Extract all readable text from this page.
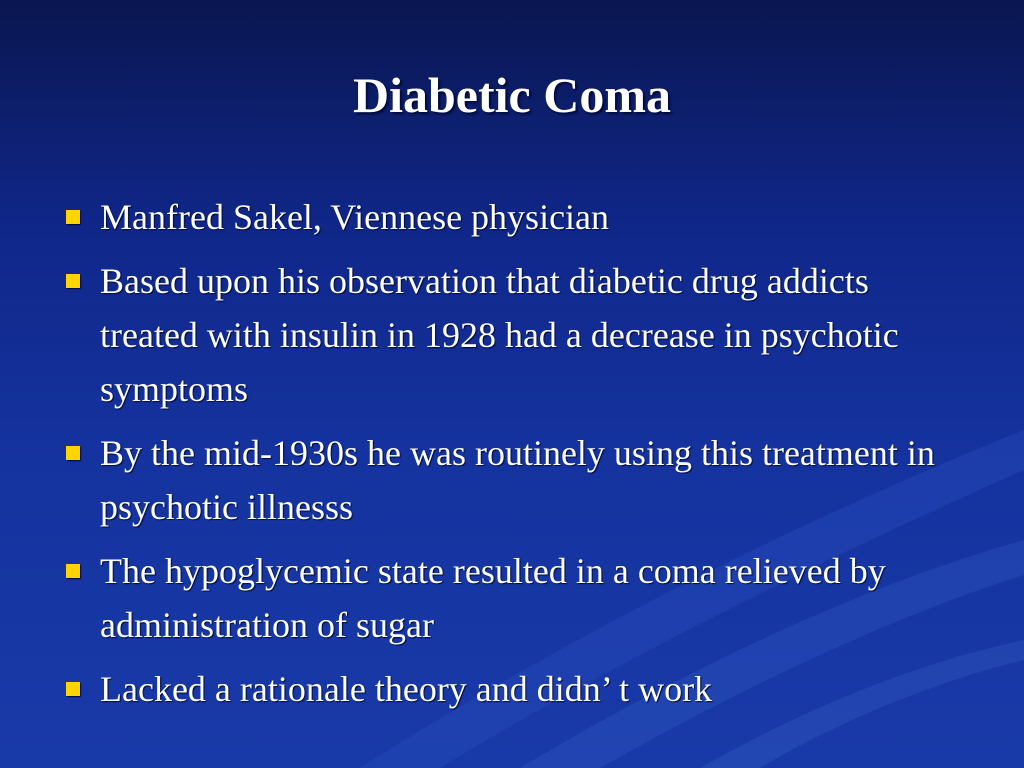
Diabetic Coma
Manfred Sakel, Viennese physician
Based upon his observation that diabetic drug addicts treated with insulin in 1928 had a decrease in psychotic symptoms
By the mid-1930s he was routinely using this treatment in psychotic illnesss
The hypoglycemic state resulted in a coma relieved by administration of sugar
Lacked a rationale theory and didn’ t work
